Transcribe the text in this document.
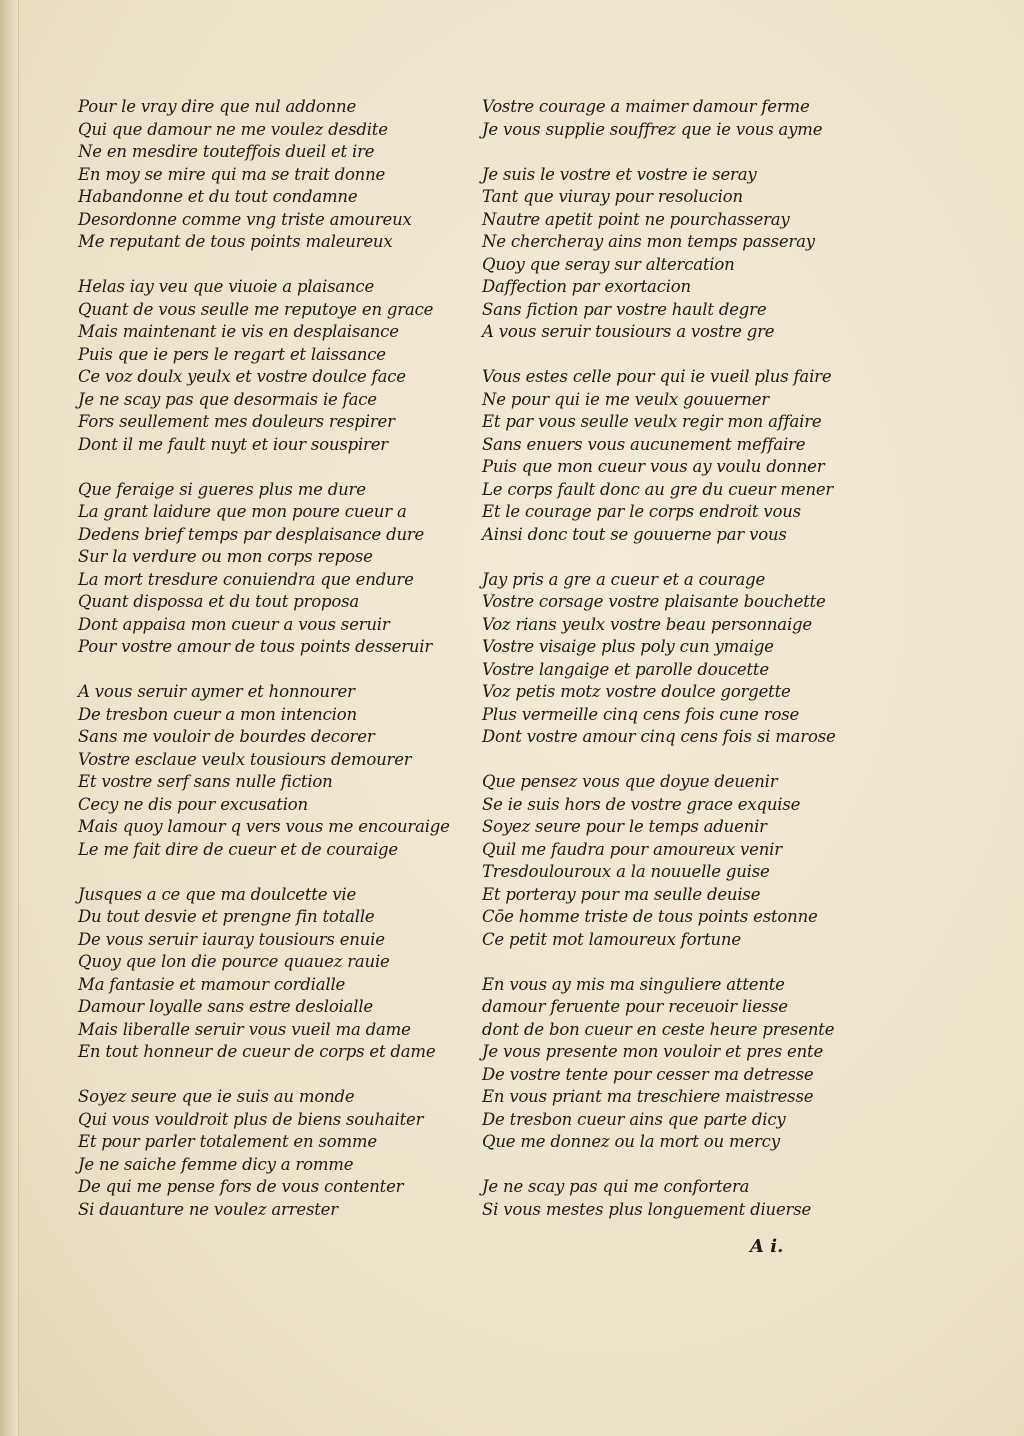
Pour le vray dire que nul addonne
Qui que damour ne me voulez desdite
Ne en mesdire touteffois dueil et ire
En moy se mire qui ma se trait donne
Habandonne et du tout condamne
Desordonne comme vng triste amoureux
Me reputant de tous points maleureux
Helas iay veu que viuoie a plaisance
Quant de vous seulle me reputoye en grace
Mais maintenant ie vis en desplaisance
Puis que ie pers le regart et laissance
Ce voz doulx yeulx et vostre doulce face
Je ne scay pas que desormais ie face
Fors seullement mes douleurs respirer
Dont il me fault nuyt et iour souspirer
Que feraige si gueres plus me dure
La grant laidure que mon poure cueur a
Dedens brief temps par desplaisance dure
Sur la verdure ou mon corps repose
La mort tresdure conuiendra que endure
Quant dispossa et du tout proposa
Dont appaisa mon cueur a vous seruir
Pour vostre amour de tous points desseruir
A vous seruir aymer et honnourer
De tresbon cueur a mon intencion
Sans me vouloir de bourdes decorer
Vostre esclaue veulx tousiours demourer
Et vostre serf sans nulle fiction
Cecy ne dis pour excusation
Mais quoy lamour q vers vous me encouraige
Le me fait dire de cueur et de couraige
Jusques a ce que ma doulcette vie
Du tout desvie et prengne fin totalle
De vous seruir iauray tousiours enuie
Quoy que lon die pource quauez rauie
Ma fantasie et mamour cordialle
Damour loyalle sans estre desloialle
Mais liberalle seruir vous vueil ma dame
En tout honneur de cueur de corps et dame
Soyez seure que ie suis au monde
Qui vous vouldroit plus de biens souhaiter
Et pour parler totalement en somme
Je ne saiche femme dicy a romme
De qui me pense fors de vous contenter
Si dauanture ne voulez arrester
Vostre courage a maimer damour ferme
Je vous supplie souffrez que ie vous ayme
Je suis le vostre et vostre ie seray
Tant que viuray pour resolucion
Nautre apetit point ne pourchasseray
Ne chercheray ains mon temps passeray
Quoy que seray sur altercation
Daffection par exortacion
Sans fiction par vostre hault degre
A vous seruir tousiours a vostre gre
Vous estes celle pour qui ie vueil plus faire
Ne pour qui ie me veulx gouuerner
Et par vous seulle veulx regir mon affaire
Sans enuers vous aucunement meffaire
Puis que mon cueur vous ay voulu donner
Le corps fault donc au gre du cueur mener
Et le courage par le corps endroit vous
Ainsi donc tout se gouuerne par vous
Jay pris a gre a cueur et a courage
Vostre corsage vostre plaisante bouchette
Voz rians yeulx vostre beau personnaige
Vostre visaige plus poly cun ymaige
Vostre langaige et parolle doucette
Voz petis motz vostre doulce gorgette
Plus vermeille cinq cens fois cune rose
Dont vostre amour cinq cens fois si marose
Que pensez vous que doyue deuenir
Se ie suis hors de vostre grace exquise
Soyez seure pour le temps aduenir
Quil me faudra pour amoureux venir
Tresdoulouroux a la nouuelle guise
Et porteray pour ma seulle deuise
Cōe homme triste de tous points estonne
Ce petit mot lamoureux fortune
En vous ay mis ma singuliere attente
damour feruente pour receuoir liesse
dont de bon cueur en ceste heure presente
Je vous presente mon vouloir et pres ente
De vostre tente pour cesser ma detresse
En vous priant ma treschiere maistresse
De tresbon cueur ains que parte dicy
Que me donnez ou la mort ou mercy
Je ne scay pas qui me confortera
Si vous mestes plus longuement diuerse
A i.
